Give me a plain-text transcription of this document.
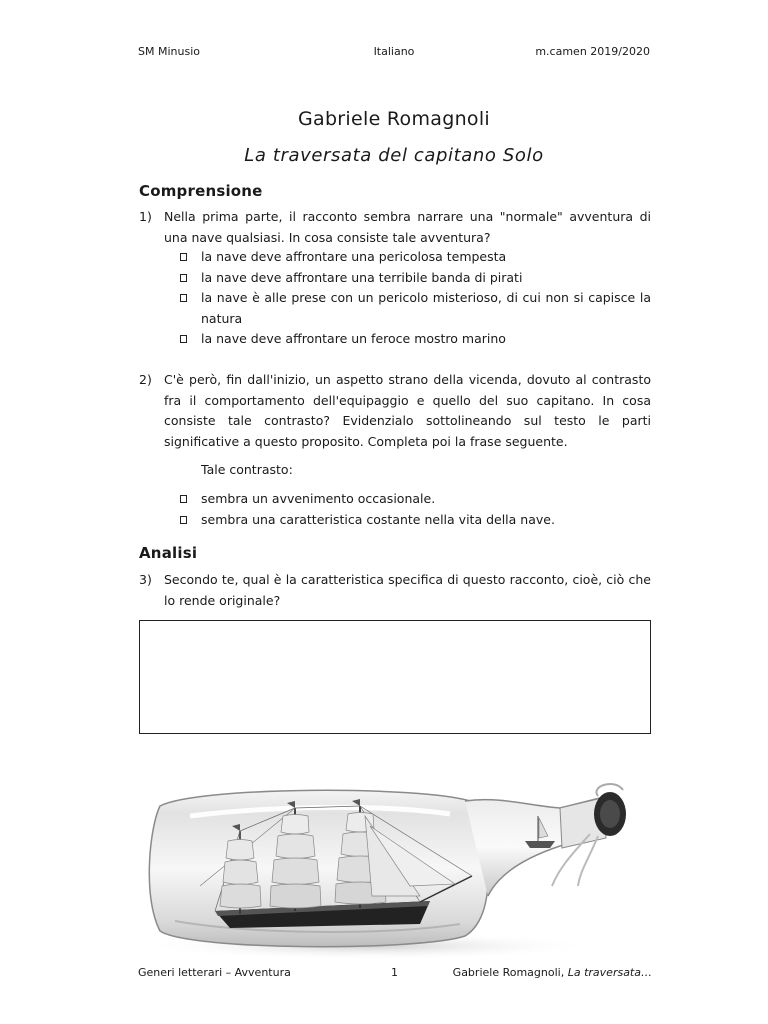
SM Minusio	Italiano	m.camen 2019/2020
Gabriele Romagnoli
La traversata del capitano Solo
Comprensione
1) Nella prima parte, il racconto sembra narrare una "normale" avventura di una nave qualsiasi. In cosa consiste tale avventura?
la nave deve affrontare una pericolosa tempesta
la nave deve affrontare una terribile banda di pirati
la nave è alle prese con un pericolo misterioso, di cui non si capisce la natura
la nave deve affrontare un feroce mostro marino
2) C'è però, fin dall'inizio, un aspetto strano della vicenda, dovuto al contrasto fra il comportamento dell'equipaggio e quello del suo capitano. In cosa consiste tale contrasto? Evidenzialo sottolineando sul testo le parti significative a questo proposito. Completa poi la frase seguente.
Tale contrasto:
sembra un avvenimento occasionale.
sembra una caratteristica costante nella vita della nave.
Analisi
3) Secondo te, qual è la caratteristica specifica di questo racconto, cioè, ciò che lo rende originale?
Generi letterari – Avventura	1	Gabriele Romagnoli, La traversata…
